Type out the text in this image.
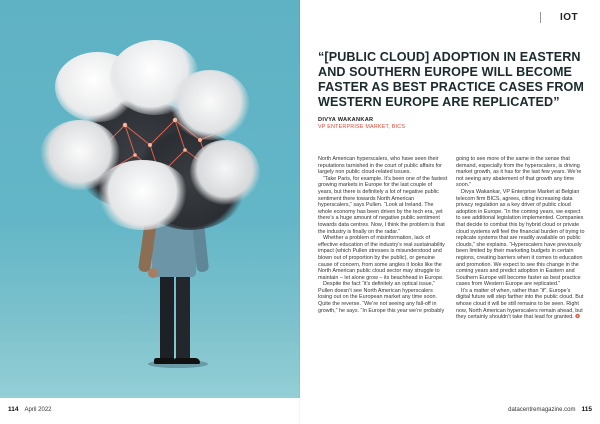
IOT
“[PUBLIC CLOUD] ADOPTION IN EASTERN AND SOUTHERN EUROPE WILL BECOME FASTER AS BEST PRACTICE CASES FROM WESTERN EUROPE ARE REPLICATED”
DIVYA WAKANKAR
VP ENTERPRISE MARKET, BICS

North American hyperscalers, who have seen their reputations tarnished in the court of public affairs for largely non public cloud-related issues.

“Take Paris, for example. It’s been one of the fastest growing markets in Europe for the last couple of years, but there is definitely a lot of negative public sentiment there towards North American hyperscalers,” says Pullen. “Look at Ireland. The whole economy has been driven by the tech era, yet there’s a huge amount of negative public sentiment towards data centres. Now, I think the problem is that the industry is finally on the radar.”

Whether a problem of misinformation, lack of effective education of the industry’s real sustainability impact (which Pullen stresses is misunderstood and blown out of proportion by the public), or genuine cause of concern, from some angles it looks like the North American public cloud sector may struggle to maintain – let alone grow – its beachhead in Europe.

Despite the fact “it’s definitely an optical issue,” Pullen doesn’t see North American hyperscalers losing out on the European market any time soon. Quite the reverse. “We’re not seeing any fall-off in growth,” he says. “In Europe this year we’re probably

going to see more of the same in the sense that demand, especially from the hyperscalers, is driving market growth, as it has for the last few years. We’re not seeing any abatement of that growth any time soon.”

Divya Wakankar, VP Enterprise Market at Belgian telecom firm BICS, agrees, citing increasing data privacy regulation as a key driver of public cloud adoption in Europe. “In the coming years, we expect to see additional legislation implemented. Companies that decide to combat this by hybrid cloud or private cloud systems will feel the financial burden of trying to replicate systems that are readily available on public clouds,” she explains. “Hyperscalers have previously been limited by their marketing budgets in certain regions, creating barriers when it comes to education and promotion. We expect to see this change in the coming years and predict adoption in Eastern and Southern Europe will become faster as best practice cases from Western Europe are replicated.”

It’s a matter of when, rather than “if”. Europe’s digital future will step farther into the public cloud. But whose cloud it will be still remains to be seen. Right now, North American hyperscalers remain ahead, but they certainly shouldn’t take that lead for granted. ❂

114 April 2022	datacentremagazine.com 115
